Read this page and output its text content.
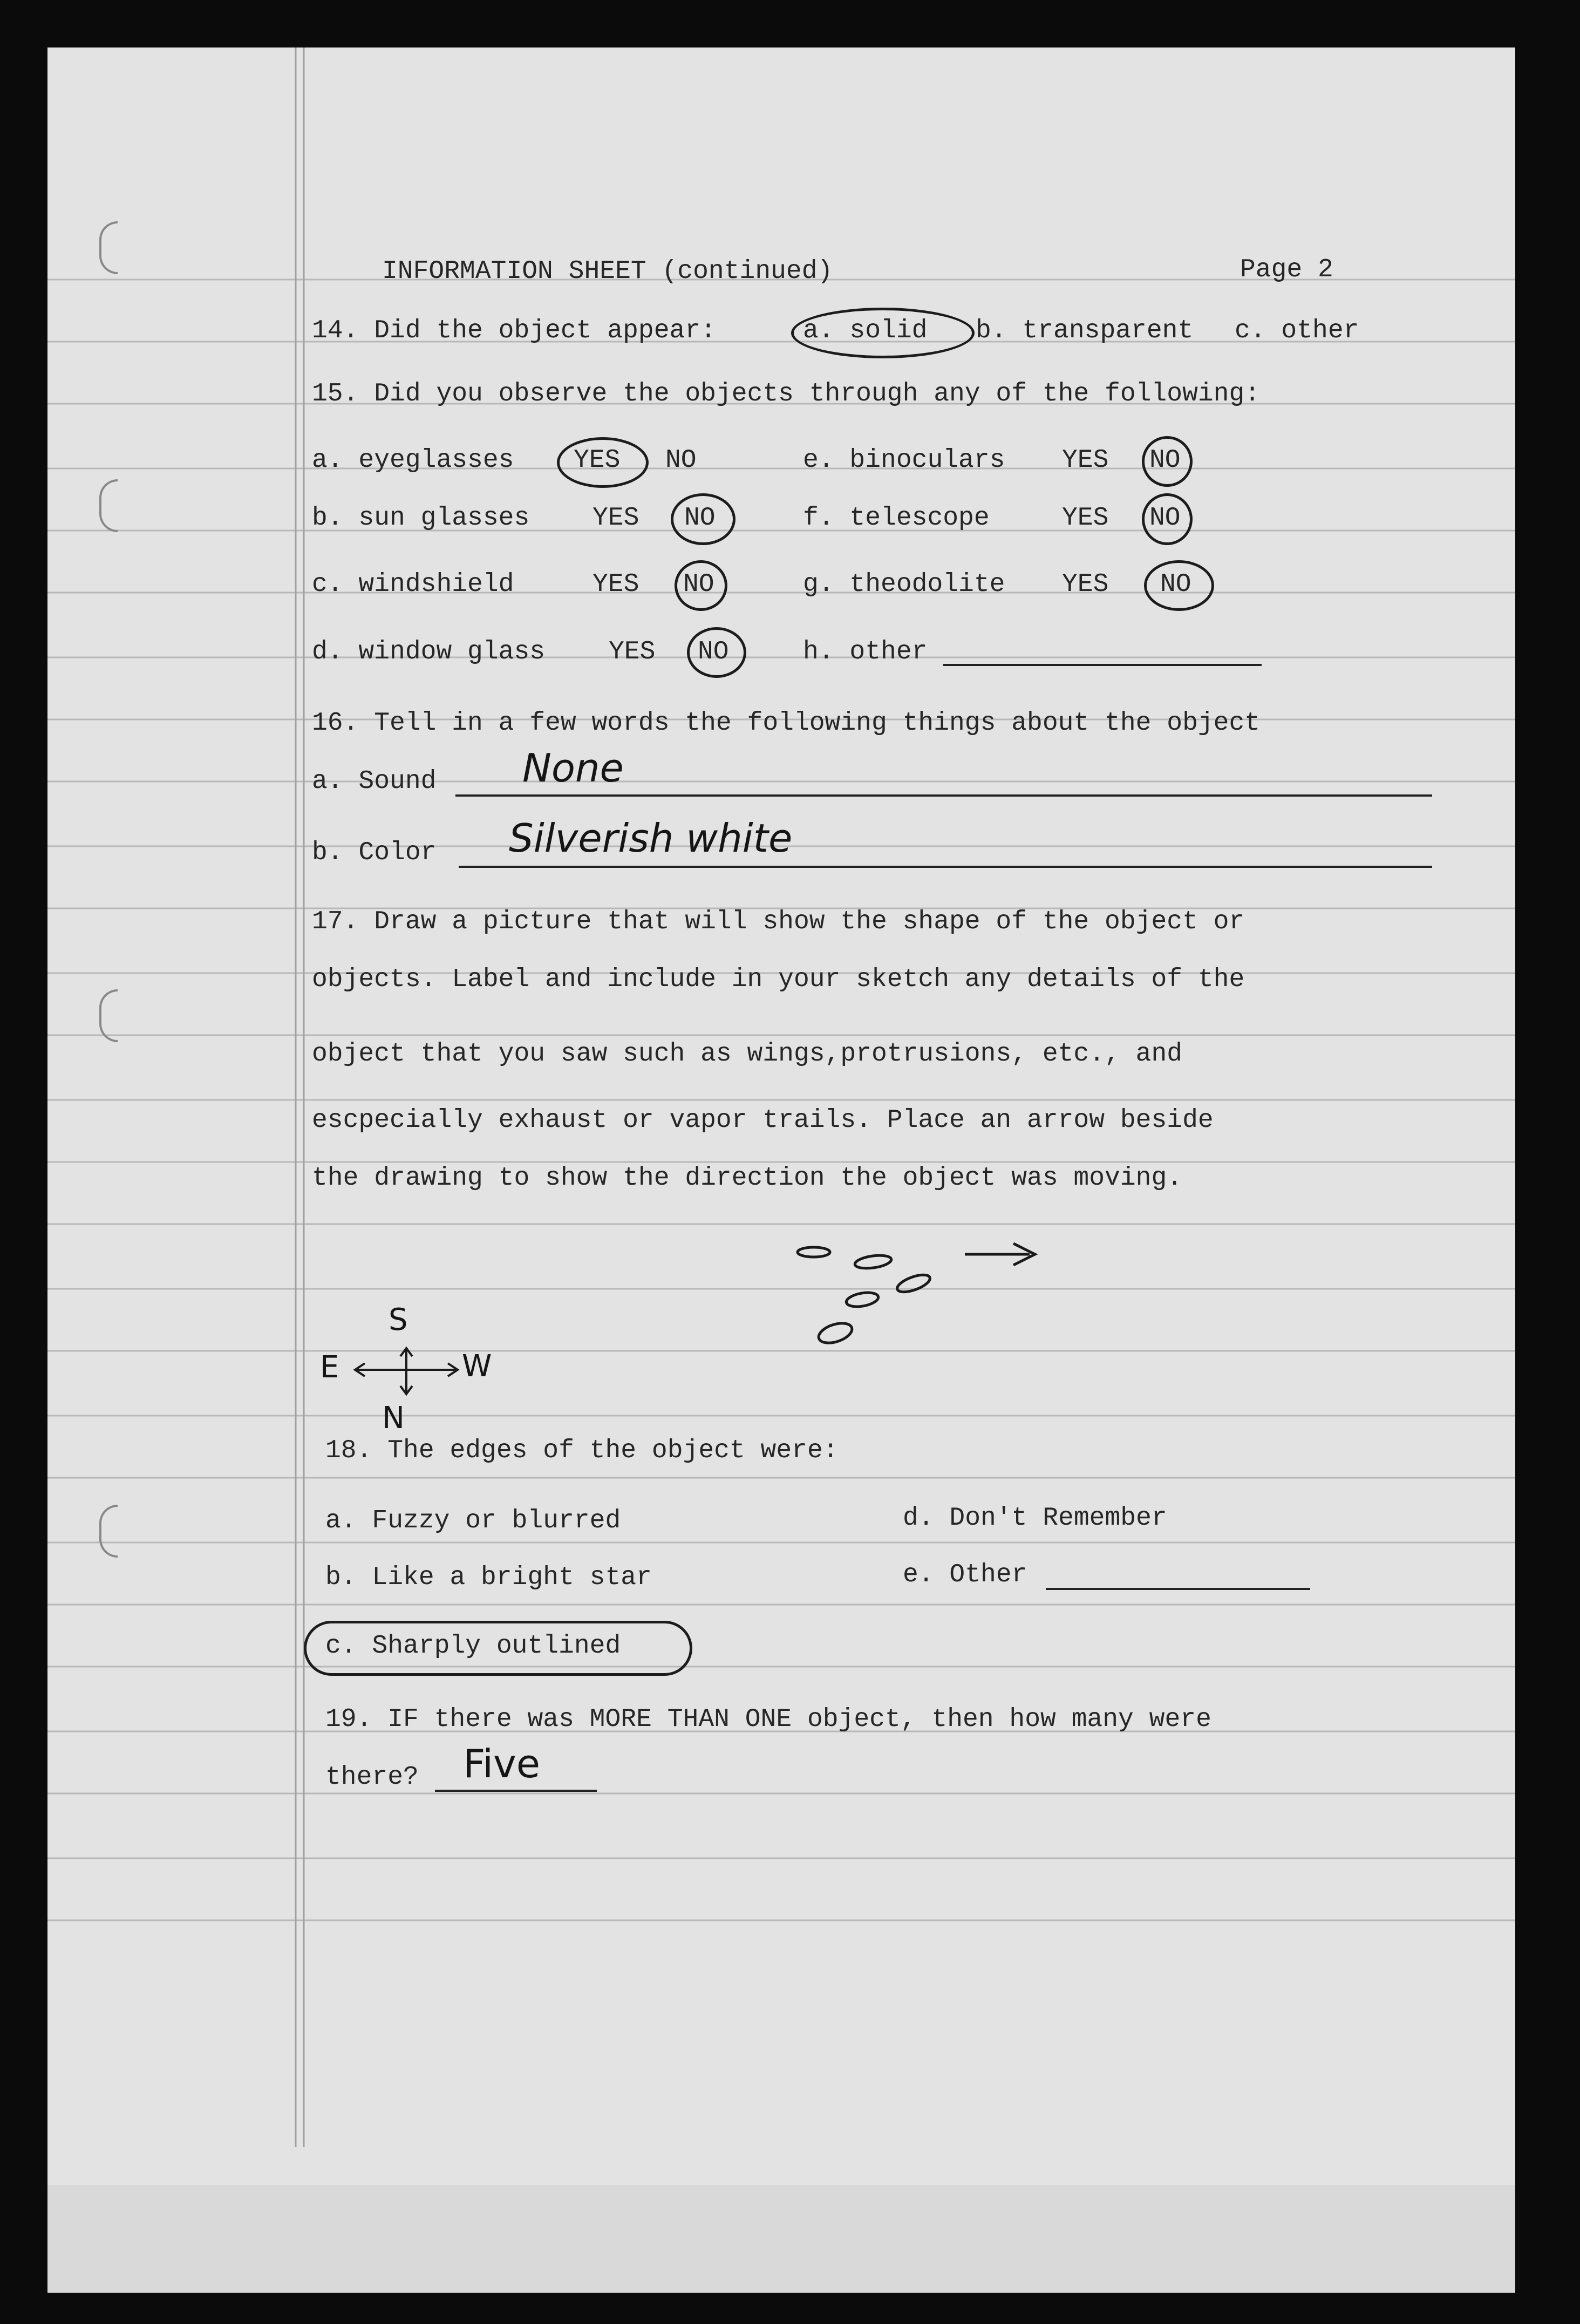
INFORMATION SHEET (continued)	Page 2
14. Did the object appear:	a. solid b. transparent c. other
15. Did you observe the objects through any of the following:
a. eyeglasses YES NO
b. sun glasses YES NO
c. windshield	YES NO
d. window glass YES NO
e. binoculars YES NO
f. telescope	YES NO
g. theodolite YES NO
h. other
16. Tell in a few words the following things about the object
a. Sound None
b. Color Silverish white
17. Draw a picture that will show the shape of the object or
objects. Label and include in your sketch any details of the
object that you saw such as wings,protrusions, etc., and
escpecially exhaust or vapor trails. Place an arrow beside
the drawing to show the direction the object was moving.
S
N
E	W
18. The edges of the object were:
a. Fuzzy or blurred
b. Like a bright star
c. Sharply outlined
d. Don't Remember
e. Other
19. IF there was MORE THAN ONE object, then how many were
there? Five
